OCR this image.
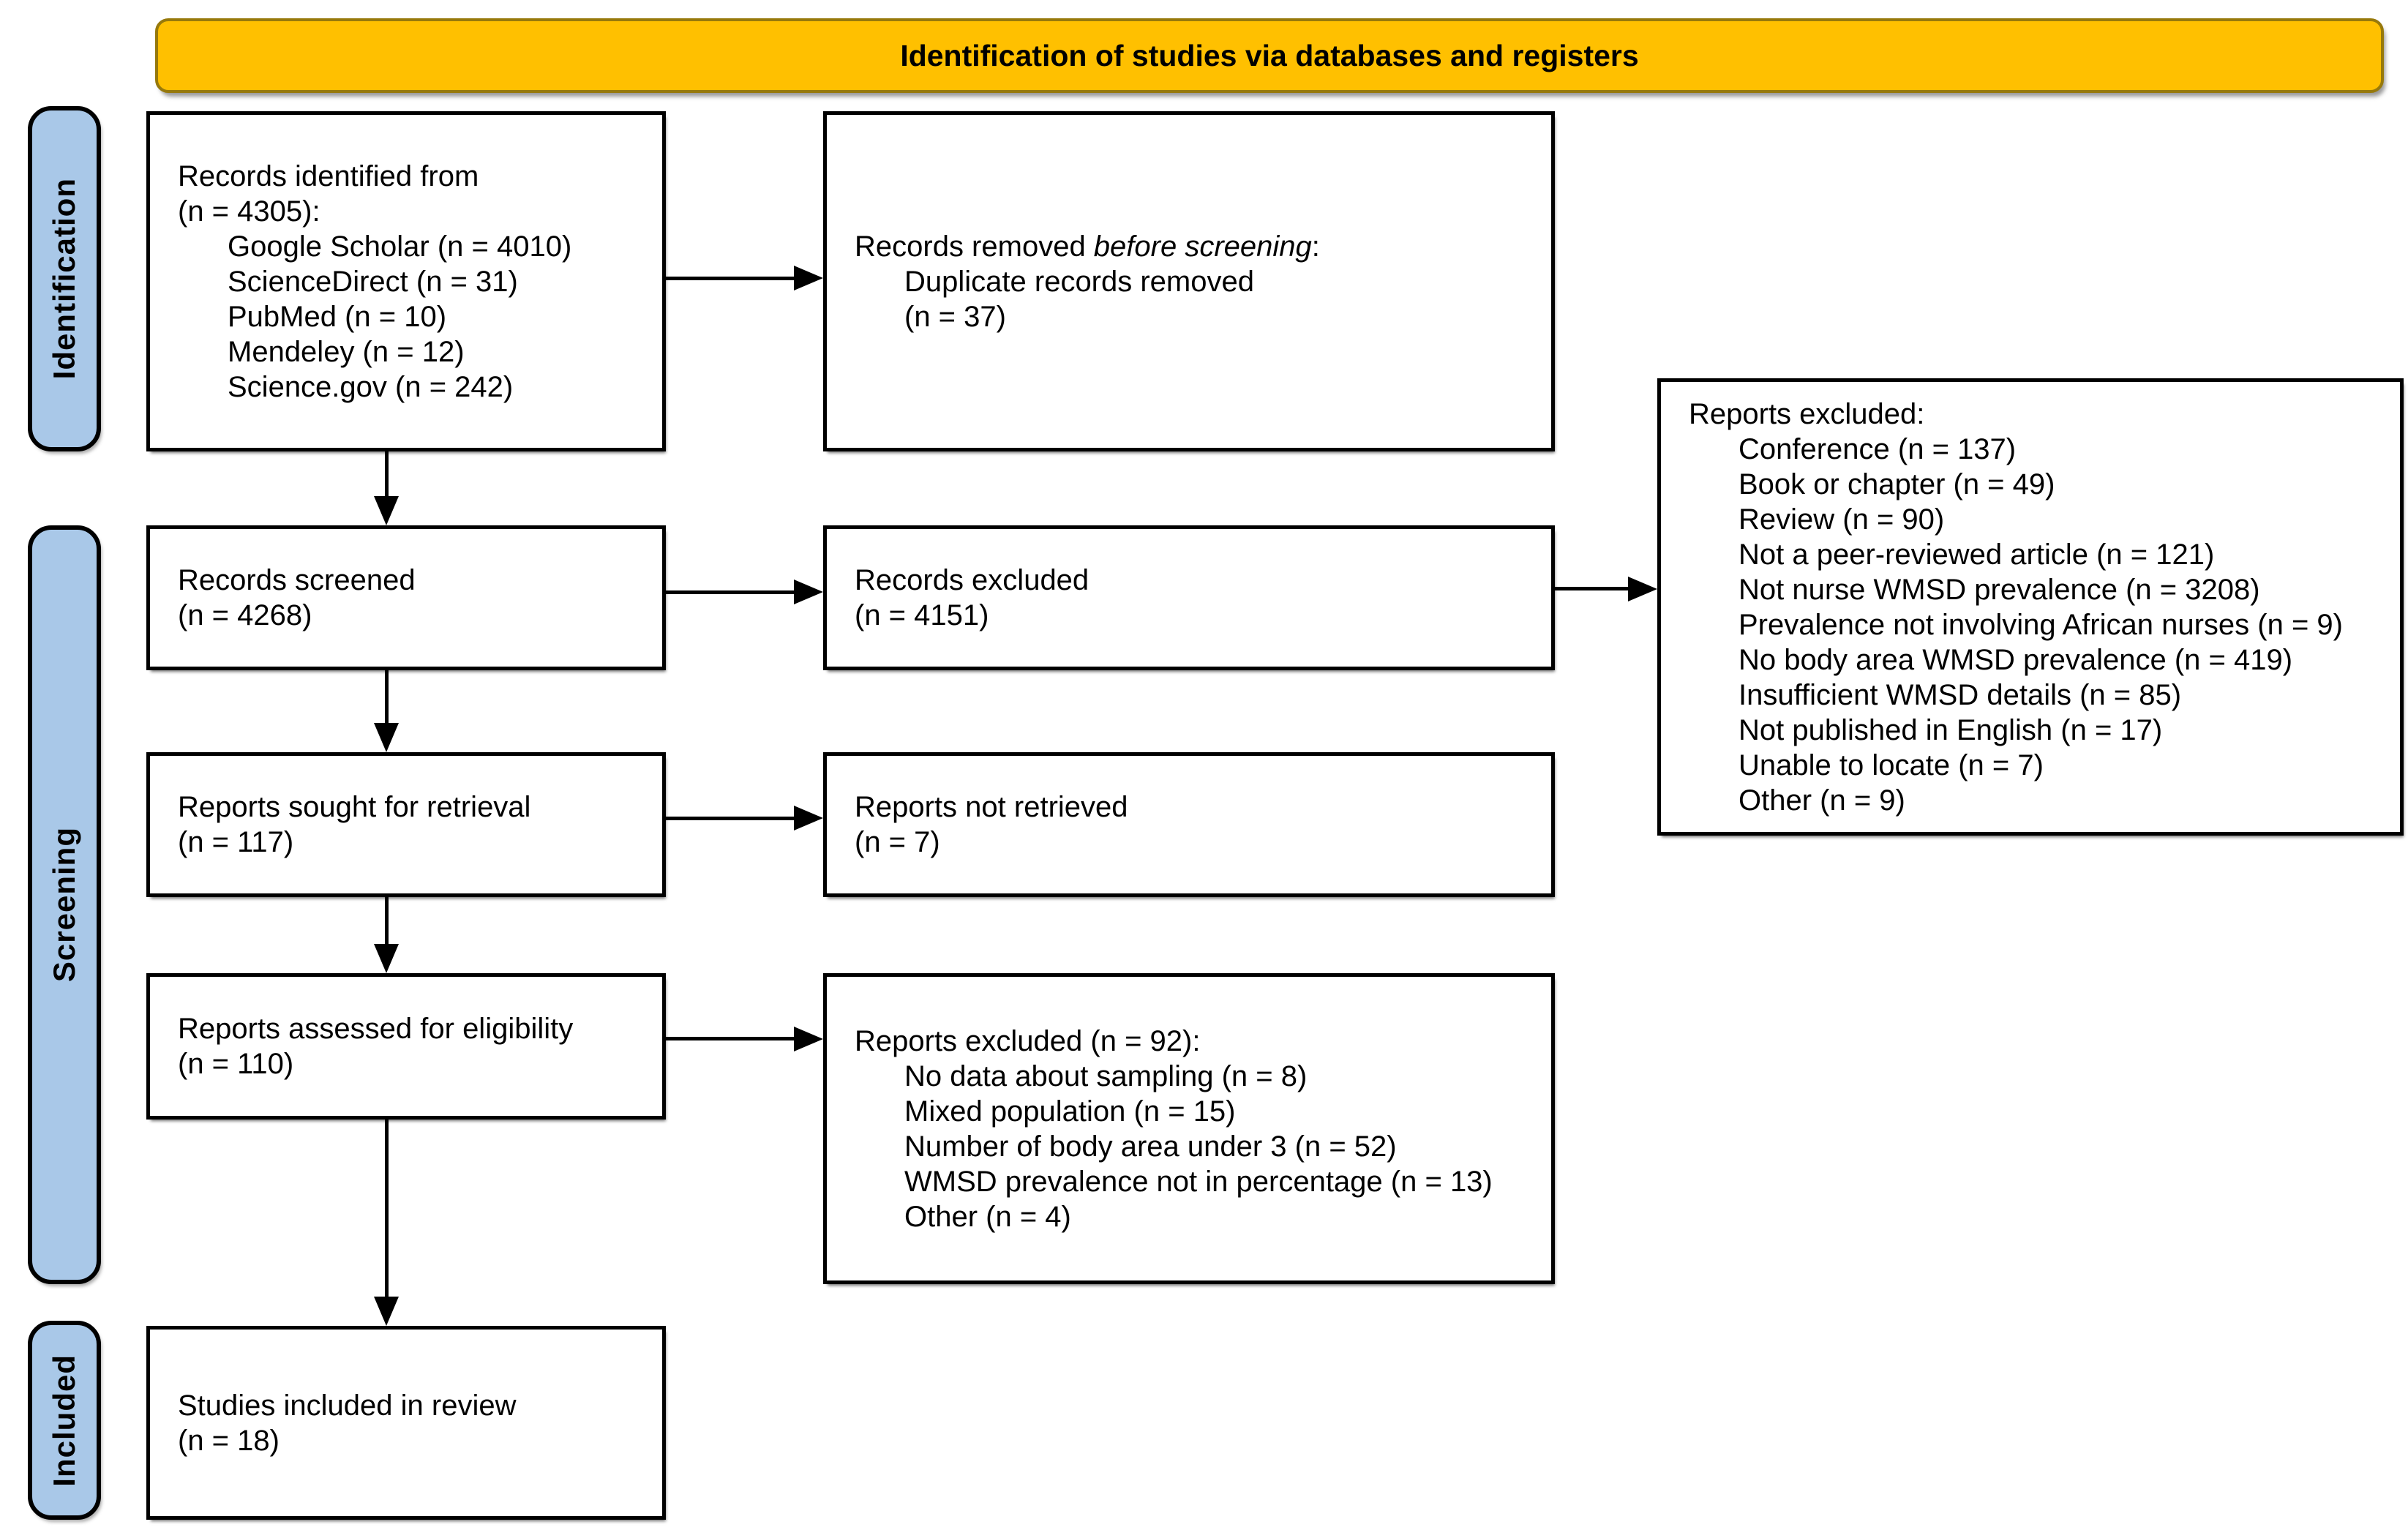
Identification of studies via databases and registers
Identification
Screening
Included
Records identified from
(n = 4305):
Google Scholar (n = 4010)
ScienceDirect (n = 31)
PubMed (n = 10)
Mendeley (n = 12)
Science.gov (n = 242)
Records screened
(n = 4268)
Reports sought for retrieval
(n = 117)
Reports assessed for eligibility
(n = 110)
Studies included in review
(n = 18)
Records removed before screening:
Duplicate records removed
(n = 37)
Records excluded
(n = 4151)
Reports not retrieved
(n = 7)
Reports excluded (n = 92):
No data about sampling (n = 8)
Mixed population (n = 15)
Number of body area under 3 (n = 52)
WMSD prevalence not in percentage (n = 13)
Other (n = 4)
Reports excluded:
Conference (n = 137)
Book or chapter (n = 49)
Review (n = 90)
Not a peer-reviewed article (n = 121)
Not nurse WMSD prevalence (n = 3208)
Prevalence not involving African nurses (n = 9)
No body area WMSD prevalence (n = 419)
Insufficient WMSD details (n = 85)
Not published in English (n = 17)
Unable to locate (n = 7)
Other (n = 9)
